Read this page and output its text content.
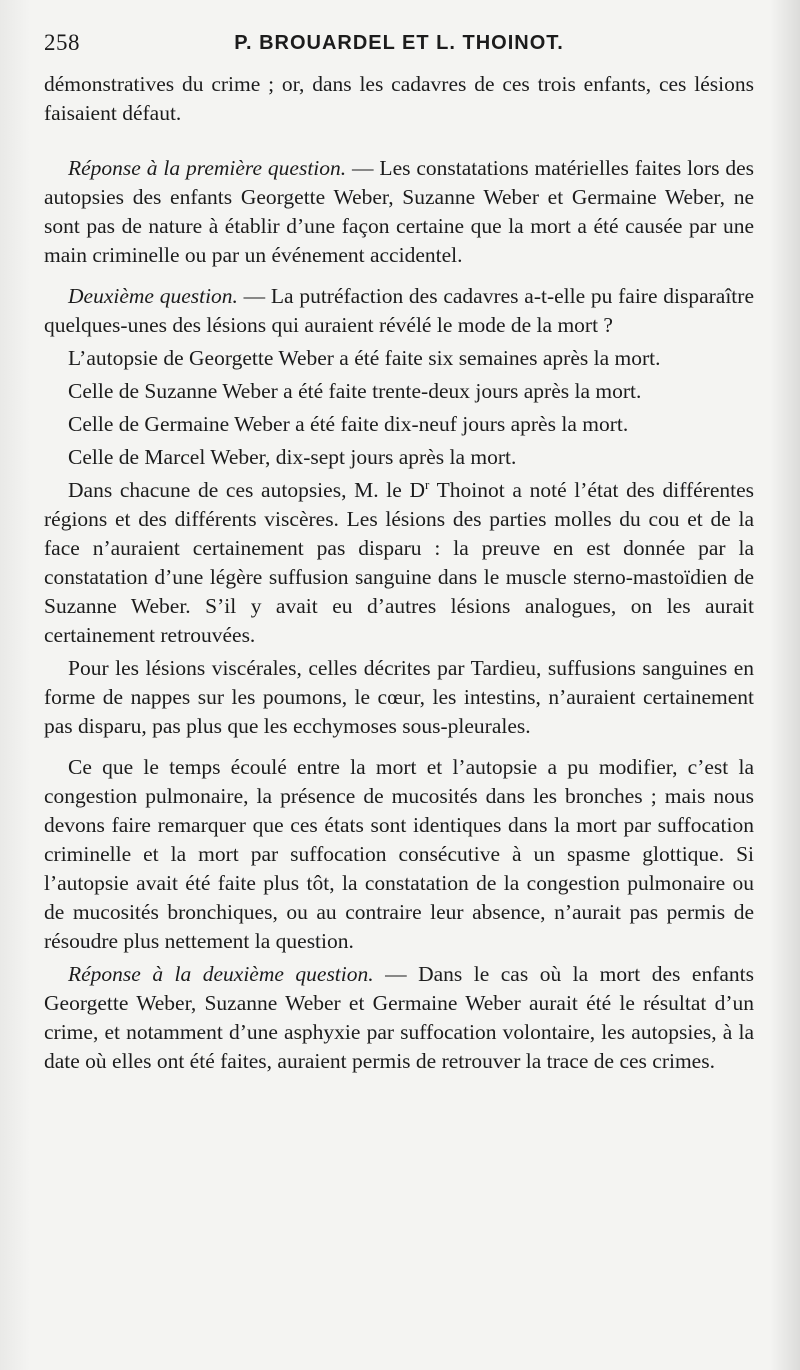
258	P. BROUARDEL ET L. THOINOT.

démonstratives du crime ; or, dans les cadavres de ces trois enfants, ces lésions faisaient défaut.

Réponse à la première question. — Les constatations matérielles faites lors des autopsies des enfants Georgette Weber, Suzanne Weber et Germaine Weber, ne sont pas de nature à établir d’une façon certaine que la mort a été causée par une main criminelle ou par un événement accidentel.

Deuxième question. — La putréfaction des cadavres a-t-elle pu faire disparaître quelques-unes des lésions qui auraient révélé le mode de la mort ?

L’autopsie de Georgette Weber a été faite six semaines après la mort.

Celle de Suzanne Weber a été faite trente-deux jours après la mort.

Celle de Germaine Weber a été faite dix-neuf jours après la mort.

Celle de Marcel Weber, dix-sept jours après la mort.

Dans chacune de ces autopsies, M. le $D^r$ Thoinot a noté l’état des différentes régions et des différents viscères. Les lésions des parties molles du cou et de la face n’auraient certainement pas disparu : la preuve en est donnée par la constatation d’une légère suffusion sanguine dans le muscle sterno-mastoïdien de Suzanne Weber. S’il y avait eu d’autres lésions analogues, on les aurait certainement retrouvées.

Pour les lésions viscérales, celles décrites par Tardieu, suffusions sanguines en forme de nappes sur les poumons, le cœur, les intestins, n’auraient certainement pas disparu, pas plus que les ecchymoses sous-pleurales.

Ce que le temps écoulé entre la mort et l’autopsie a pu modifier, c’est la congestion pulmonaire, la présence de mucosités dans les bronches ; mais nous devons faire remarquer que ces états sont identiques dans la mort par suffocation criminelle et la mort par suffocation consécutive à un spasme glottique. Si l’autopsie avait été faite plus tôt, la constatation de la congestion pulmonaire ou de mucosités bronchiques, ou au contraire leur absence, n’aurait pas permis de résoudre plus nettement la question.

Réponse à la deuxième question. — Dans le cas où la mort des enfants Georgette Weber, Suzanne Weber et Germaine Weber aurait été le résultat d’un crime, et notamment d’une asphyxie par suffocation volontaire, les autopsies, à la date où elles ont été faites, auraient permis de retrouver la trace de ces crimes.
